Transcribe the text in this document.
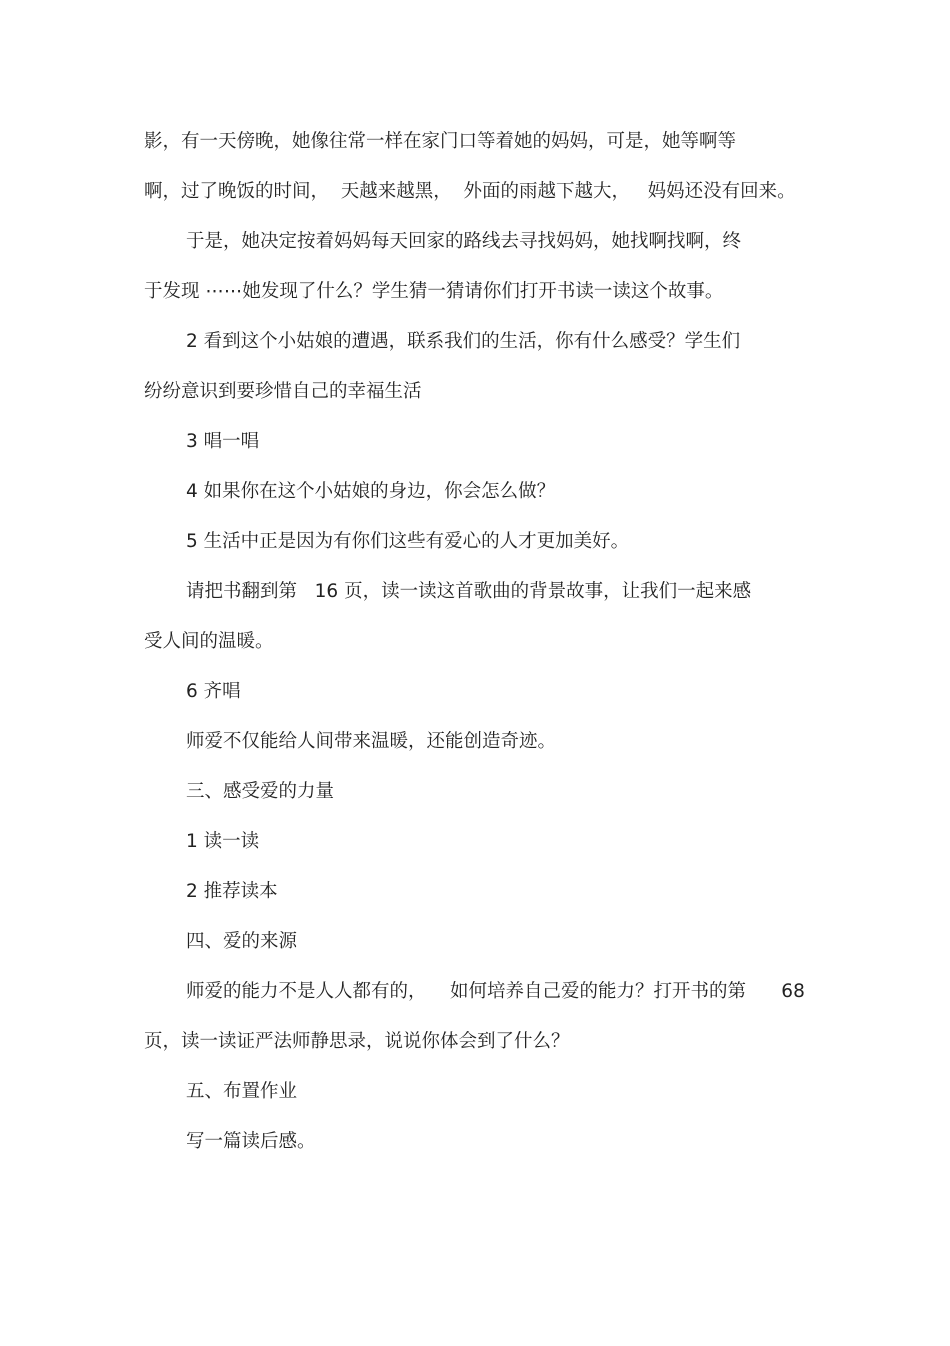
影，有一天傍晚，她像往常一样在家门口等着她的妈妈，可是，她等啊等
啊，过了晚饭的时间，  天越来越黑，  外面的雨越下越大，   妈妈还没有回来。
于是，她决定按着妈妈每天回家的路线去寻找妈妈，她找啊找啊，终
于发现 ⋯⋯她发现了什么？学生猜一猜请你们打开书读一读这个故事。
2 看到这个小姑娘的遭遇，联系我们的生活，你有什么感受？学生们
纷纷意识到要珍惜自己的幸福生活
3 唱一唱
4 如果你在这个小姑娘的身边，你会怎么做？
5 生活中正是因为有你们这些有爱心的人才更加美好。
请把书翻到第   16 页，读一读这首歌曲的背景故事，让我们一起来感
受人间的温暖。
6 齐唱
师爱不仅能给人间带来温暖，还能创造奇迹。
三、感受爱的力量
1 读一读
2 推荐读本
四、爱的来源
师爱的能力不是人人都有的，    如何培养自己爱的能力？打开书的第      68
页，读一读证严法师静思录，说说你体会到了什么？
五、布置作业
写一篇读后感。
